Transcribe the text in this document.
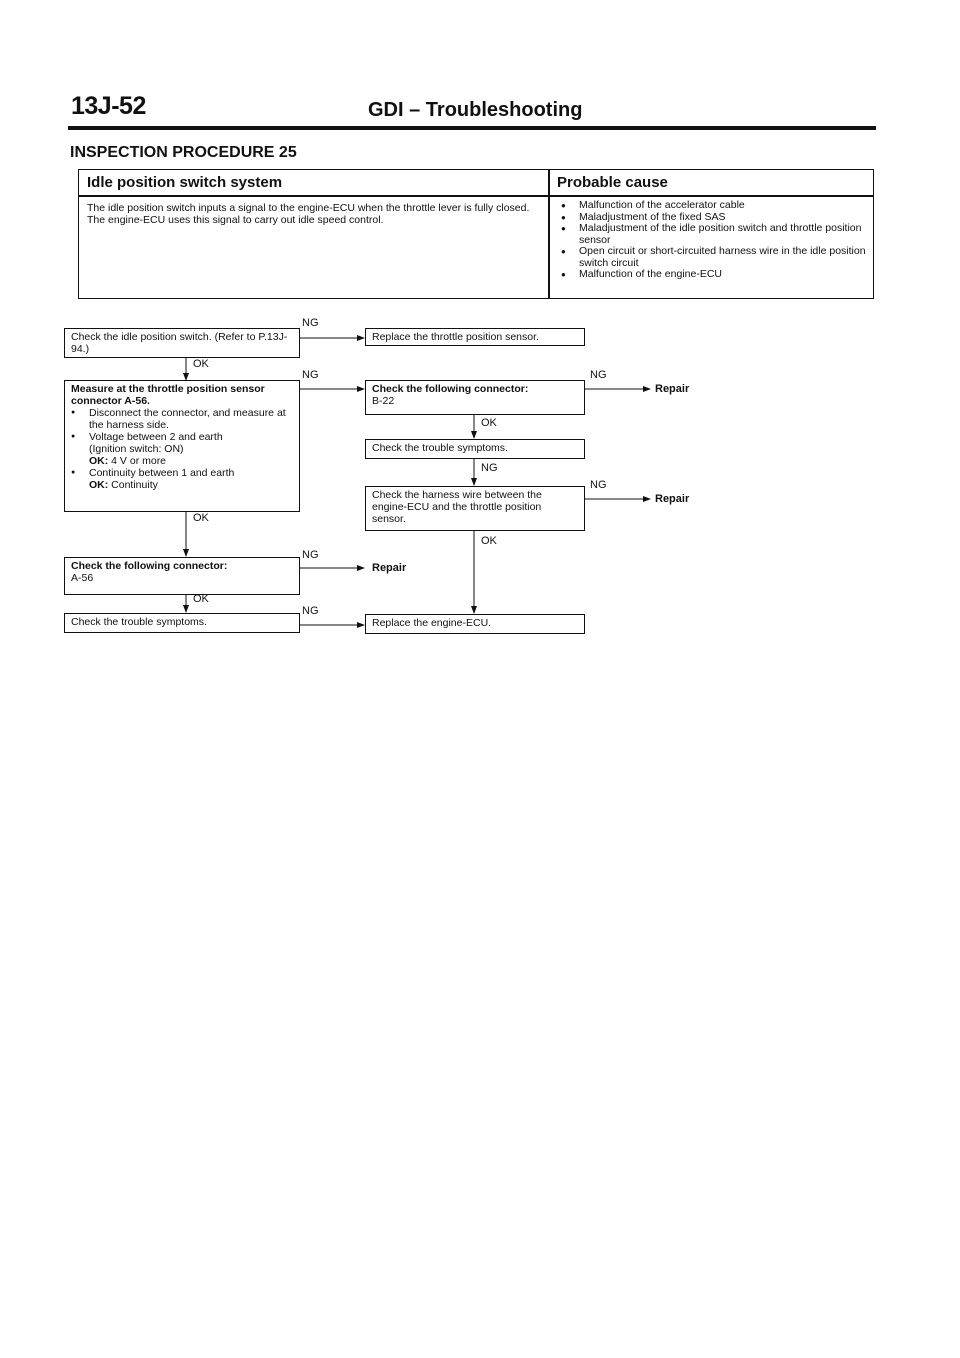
13J-52	GDI – Troubleshooting
INSPECTION PROCEDURE 25
Idle position switch system	Probable cause
The idle position switch inputs a signal to the engine-ECU when the throttle lever is fully closed. The engine-ECU uses this signal to carry out idle speed control.
● Malfunction of the accelerator cable
● Maladjustment of the fixed SAS
● Maladjustment of the idle position switch and throttle position sensor
● Open circuit or short-circuited harness wire in the idle position switch circuit
● Malfunction of the engine-ECU
Check the idle position switch. (Refer to P.13J-94.)
NG
Replace the throttle position sensor.
OK
Measure at the throttle position sensor connector A-56.
● Disconnect the connector, and measure at the harness side.
● Voltage between 2 and earth
(Ignition switch: ON)
OK: 4 V or more
● Continuity between 1 and earth
OK: Continuity
NG
Check the following connector:
B-22
NG
Repair
OK
Check the trouble symptoms.
NG
Check the harness wire between the engine-ECU and the throttle position sensor.
NG
Repair
OK
OK
Check the following connector:
A-56
NG
Repair
OK
Check the trouble symptoms.
NG
Replace the engine-ECU.
